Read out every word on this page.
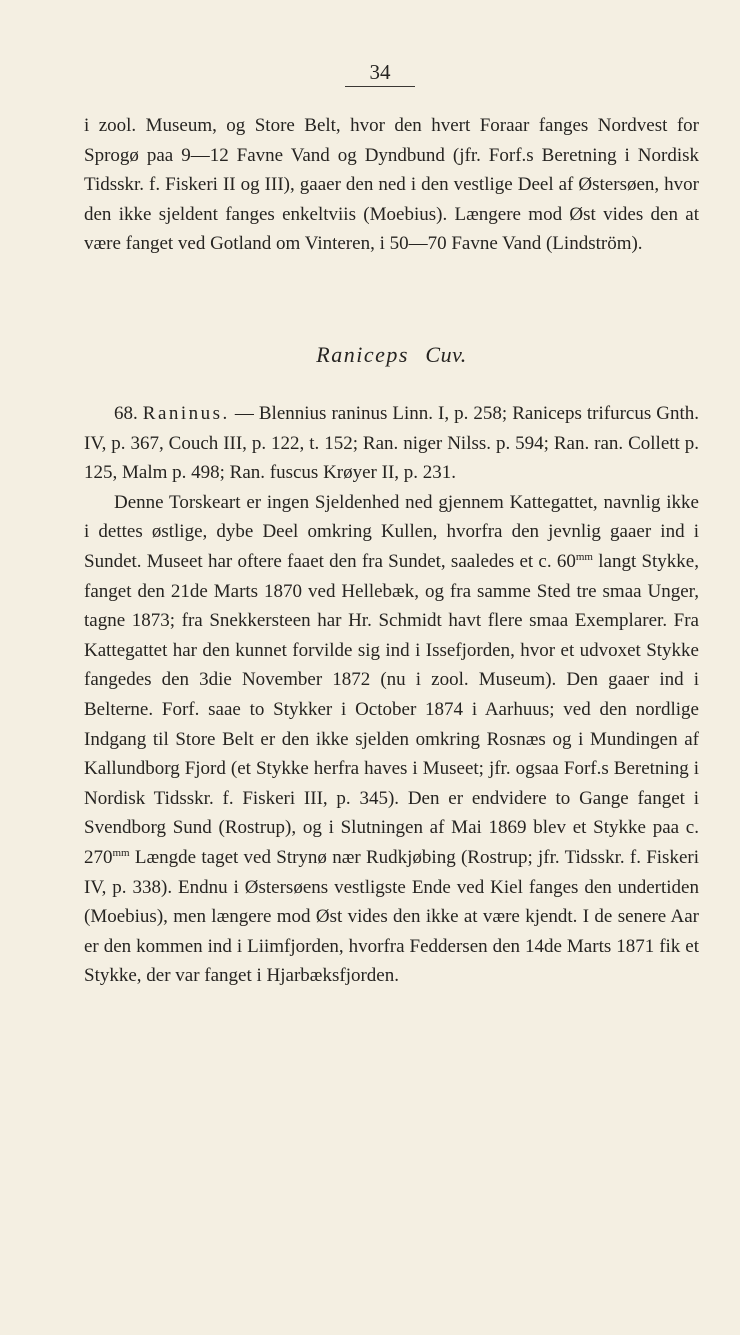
34

i zool. Museum, og Store Belt, hvor den hvert Foraar fanges Nordvest for Sprogø paa 9—12 Favne Vand og Dyndbund (jfr. Forf.s Beretning i Nordisk Tidsskr. f. Fiskeri II og III), gaaer den ned i den vestlige Deel af Østersøen, hvor den ikke sjeldent fanges enkeltviis (Moebius). Længere mod Øst vides den at være fanget ved Gotland om Vinteren, i 50—70 Favne Vand (Lindström).

Raniceps Cuv.

68. Raninus. — Blennius raninus Linn. I, p. 258; Raniceps trifurcus Gnth. IV, p. 367, Couch III, p. 122, t. 152; Ran. niger Nilss. p. 594; Ran. ran. Collett p. 125, Malm p. 498; Ran. fuscus Krøyer II, p. 231.

Denne Torskeart er ingen Sjeldenhed ned gjennem Kattegattet, navnlig ikke i dettes østlige, dybe Deel omkring Kullen, hvorfra den jevnlig gaaer ind i Sundet. Museet har oftere faaet den fra Sundet, saaledes et c. $60^{mm}$ langt Stykke, fanget den 21de Marts 1870 ved Hellebæk, og fra samme Sted tre smaa Unger, tagne 1873; fra Snekkersteen har Hr. Schmidt havt flere smaa Exemplarer. Fra Kattegattet har den kunnet forvilde sig ind i Issefjorden, hvor et udvoxet Stykke fangedes den 3die November 1872 (nu i zool. Museum). Den gaaer ind i Belterne. Forf. saae to Stykker i October 1874 i Aarhuus; ved den nordlige Indgang til Store Belt er den ikke sjelden omkring Rosnæs og i Mundingen af Kallundborg Fjord (et Stykke herfra haves i Museet; jfr. ogsaa Forf.s Beretning i Nordisk Tidsskr. f. Fiskeri III, p. 345). Den er endvidere to Gange fanget i Svendborg Sund (Rostrup), og i Slutningen af Mai 1869 blev et Stykke paa c. $270^{mm}$ Længde taget ved Strynø nær Rudkjøbing (Rostrup; jfr. Tidsskr. f. Fiskeri IV, p. 338). Endnu i Østersøens vestligste Ende ved Kiel fanges den undertiden (Moebius), men længere mod Øst vides den ikke at være kjendt. I de senere Aar er den kommen ind i Liimfjorden, hvorfra Feddersen den 14de Marts 1871 fik et Stykke, der var fanget i Hjarbæksfjorden.
